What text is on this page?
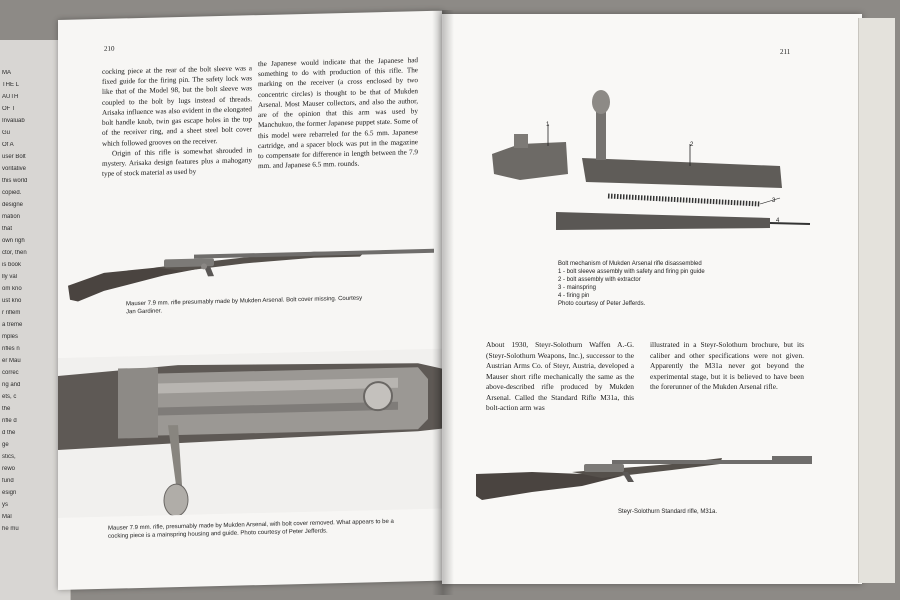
MA
THE L
AUTH
OF T
Invaluab
Gu
Of A
user Bolt
voritative
this world
copied.
designe
mation
that
own righ
ctor, then
is book
lly val
om kno
ust kno
r riflem
a treme
mples
rifles n
er Mau
correc
ng and
ets, c
the
rifle d
d the
ge
stics,
rewo
fund
esign
ys
Mal
he mu
210

cocking piece at the rear of the bolt sleeve was a fixed guide for the firing pin. The safety lock was like that of the Model 98, but the bolt sleeve was coupled to the bolt by lugs instead of threads. Arisaka influence was also evident in the elongated bolt handle knob, twin gas escape holes in the top of the receiver ring, and a sheet steel bolt cover which followed grooves on the receiver.

Origin of this rifle is somewhat shrouded in mystery. Arisaka design features plus a mahogany type of stock material as used by

the Japanese would indicate that the Japanese had something to do with production of this rifle. The marking on the receiver (a cross enclosed by two concentric circles) is thought to be that of Mukden Arsenal. Most Mauser collectors, and also the author, are of the opinion that this arm was used by Manchukuo, the former Japanese puppet state. Some of this model were rebarreled for the 6.5 mm. Japanese cartridge, and a spacer block was put in the magazine to compensate for difference in length between the 7.9 mm. and Japanese 6.5 mm. rounds.

Mauser 7.9 mm. rifle presumably made by Mukden Arsenal. Bolt cover missing. Courtesy Jan Gardiner.
Mauser 7.9 mm. rifle, presumably made by Mukden Arsenal, with bolt cover removed. What appears to be a cocking piece is a mainspring housing and guide. Photo courtesy of Peter Jefferds.
211
1
2
3
4
Bolt mechanism of Mukden Arsenal rifle disassembled
1 - bolt sleeve assembly with safety and firing pin guide
2 - bolt assembly with extractor
3 - mainspring
4 - firing pin
Photo courtesy of Peter Jefferds.
About 1930, Steyr-Solothurn Waffen A.-G. (Steyr-Solothurn Weapons, Inc.), successor to the Austrian Arms Co. of Steyr, Austria, developed a Mauser short rifle mechanically the same as the above-described rifle produced by Mukden Arsenal. Called the Standard Rifle M31a, this bolt-action arm was
illustrated in a Steyr-Solothurn brochure, but its caliber and other specifications were not given. Apparently the M31a never got beyond the experimental stage, but it is believed to have been the forerunner of the Mukden Arsenal rifle.
Steyr-Solothurn Standard rifle, M31a.
